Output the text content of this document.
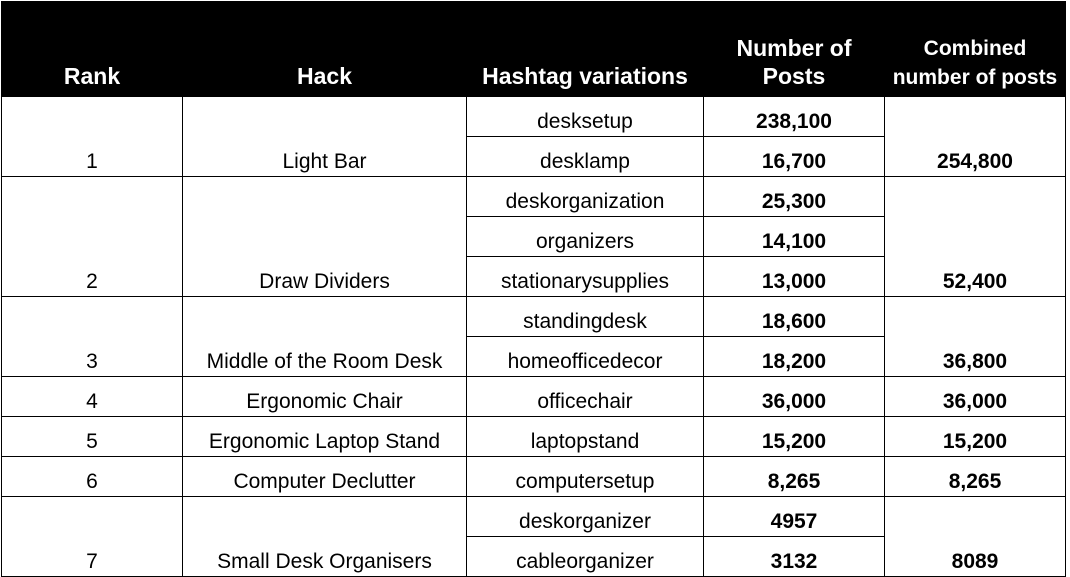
Rank	Hack	Hashtag variations	Number of Posts	Combined number of posts
1	Light Bar	desksetup	238,100	254,800
		desklamp	16,700	
2	Draw Dividers	deskorganization	25,300	52,400
		organizers	14,100	
		stationarysupplies	13,000	
3	Middle of the Room Desk	standingdesk	18,600	36,800
		homeofficedecor	18,200	
4	Ergonomic Chair	officechair	36,000	36,000
5	Ergonomic Laptop Stand	laptopstand	15,200	15,200
6	Computer Declutter	computersetup	8,265	8,265
7	Small Desk Organisers	deskorganizer	4957	8089
		cableorganizer	3132	
